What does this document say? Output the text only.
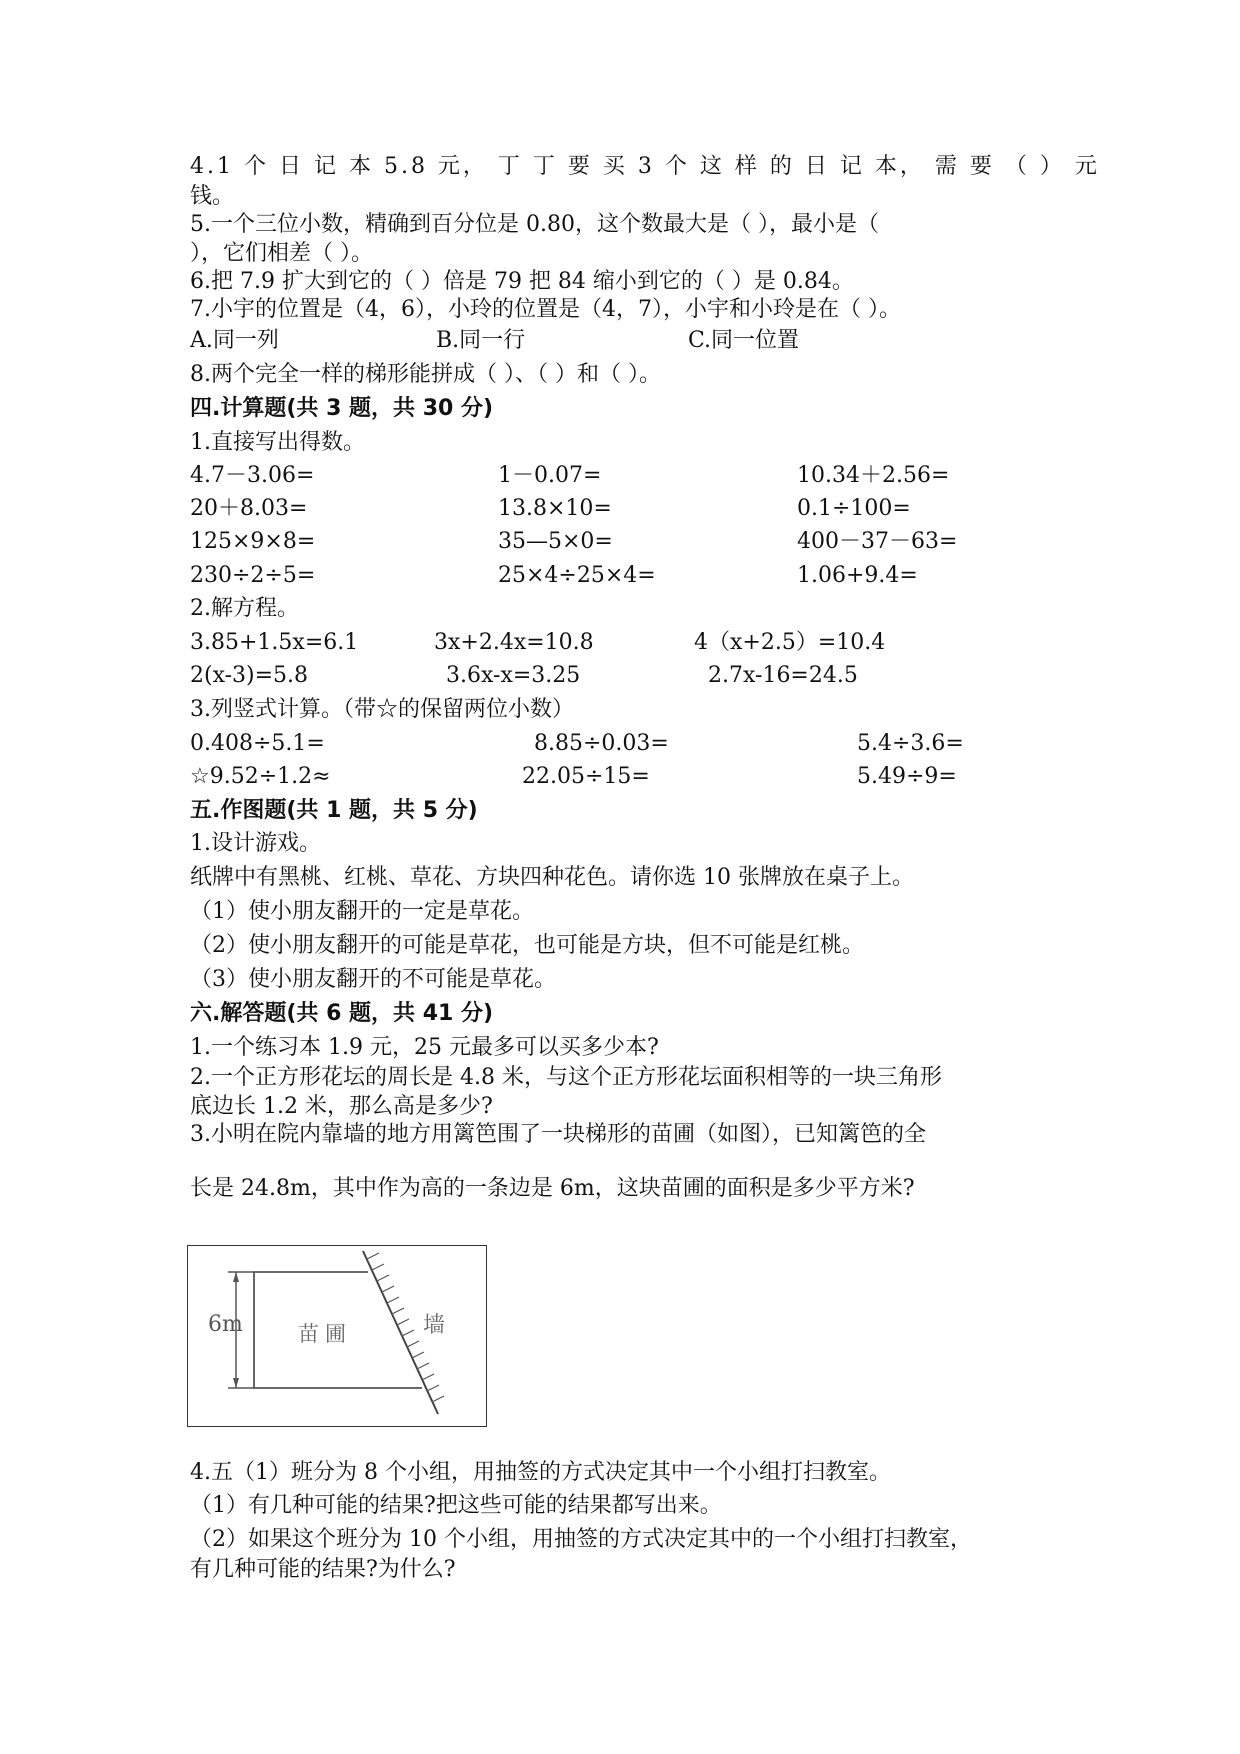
4.1 个 日 记 本 5.8 元， 丁 丁 要 买 3 个 这 样 的 日 记 本， 需 要 （ ） 元
钱。
5.一个三位小数，精确到百分位是 0.80，这个数最大是（ ），最小是（
），它们相差（ ）。
6.把 7.9 扩大到它的（ ）倍是 79 把 84 缩小到它的（ ）是 0.84。
7.小宇的位置是（4，6），小玲的位置是（4，7），小宇和小玲是在（ ）。
A.同一列	B.同一行	C.同一位置
8.两个完全一样的梯形能拼成（ ）、（ ）和（ ）。
四.计算题(共 3 题，共 30 分)
1.直接写出得数。
4.7－3.06=	1－0.07=	10.34＋2.56=
20＋8.03=	13.8×10=	0.1÷100=
125×9×8=	35—5×0=	400－37－63=
230÷2÷5=	25×4÷25×4=	1.06+9.4=
2.解方程。
3.85+1.5x=6.1	3x+2.4x=10.8	4（x+2.5）=10.4
2(x-3)=5.8	3.6x-x=3.25	2.7x-16=24.5
3.列竖式计算。（带☆的保留两位小数）
0.408÷5.1=	8.85÷0.03=	5.4÷3.6=
☆9.52÷1.2≈	22.05÷15=	5.49÷9=
五.作图题(共 1 题，共 5 分)
1.设计游戏。
纸牌中有黑桃、红桃、草花、方块四种花色。请你选 10 张牌放在桌子上。
（1）使小朋友翻开的一定是草花。
（2）使小朋友翻开的可能是草花，也可能是方块，但不可能是红桃。
（3）使小朋友翻开的不可能是草花。
六.解答题(共 6 题，共 41 分)
1.一个练习本 1.9 元，25 元最多可以买多少本?
2.一个正方形花坛的周长是 4.8 米，与这个正方形花坛面积相等的一块三角形
底边长 1.2 米，那么高是多少?
3.小明在院内靠墙的地方用篱笆围了一块梯形的苗圃（如图），已知篱笆的全
长是 24.8m，其中作为高的一条边是 6m，这块苗圃的面积是多少平方米?
6m	苗圃	墙
4.五（1）班分为 8 个小组，用抽签的方式决定其中一个小组打扫教室。
（1）有几种可能的结果?把这些可能的结果都写出来。
（2）如果这个班分为 10 个小组，用抽签的方式决定其中的一个小组打扫教室，
有几种可能的结果?为什么?
